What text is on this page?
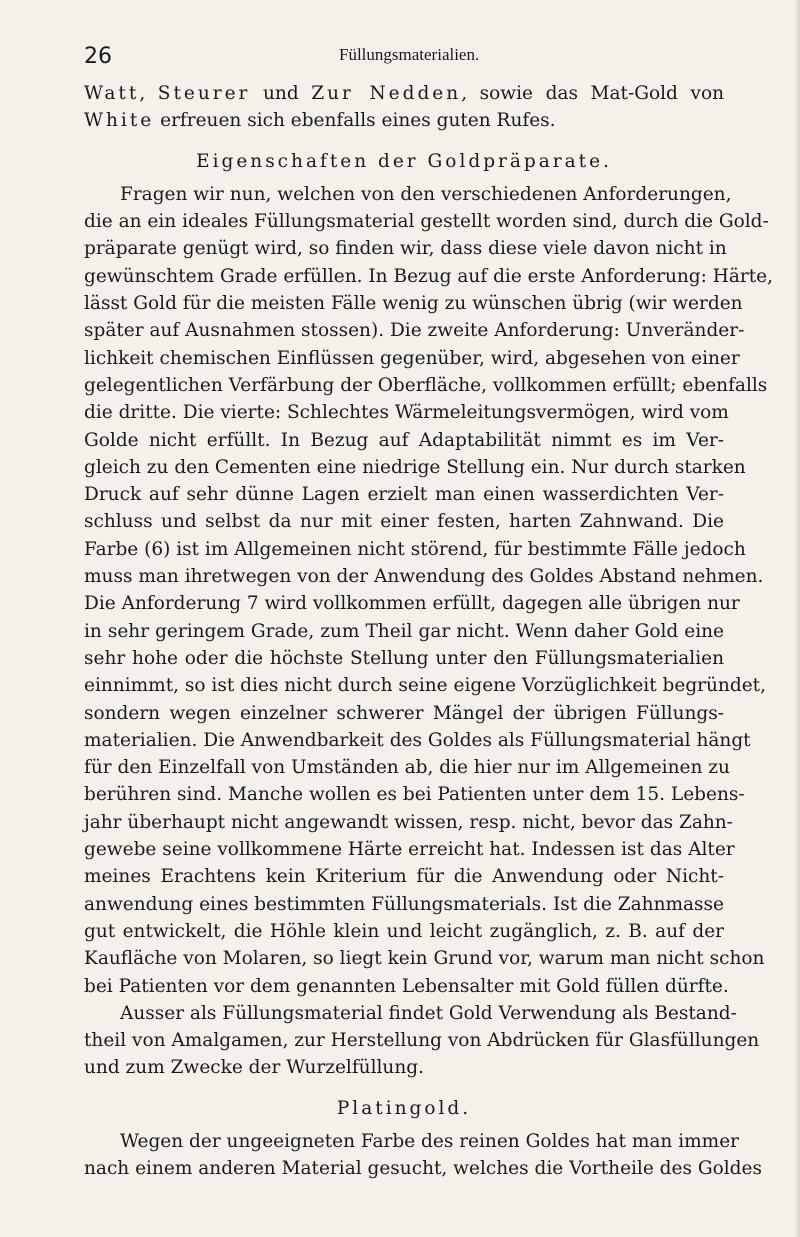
26	Füllungsmaterialien.
Watt, Steurer und Zur Nedden, sowie das Mat-Gold von
White erfreuen sich ebenfalls eines guten Rufes.
Eigenschaften der Goldpräparate.
Fragen wir nun, welchen von den verschiedenen Anforderungen,
die an ein ideales Füllungsmaterial gestellt worden sind, durch die Gold-
präparate genügt wird, so finden wir, dass diese viele davon nicht in
gewünschtem Grade erfüllen. In Bezug auf die erste Anforderung: Härte,
lässt Gold für die meisten Fälle wenig zu wünschen übrig (wir werden
später auf Ausnahmen stossen). Die zweite Anforderung: Unveränder-
lichkeit chemischen Einflüssen gegenüber, wird, abgesehen von einer
gelegentlichen Verfärbung der Oberfläche, vollkommen erfüllt; ebenfalls
die dritte. Die vierte: Schlechtes Wärmeleitungsvermögen, wird vom
Golde nicht erfüllt. In Bezug auf Adaptabilität nimmt es im Ver-
gleich zu den Cementen eine niedrige Stellung ein. Nur durch starken
Druck auf sehr dünne Lagen erzielt man einen wasserdichten Ver-
schluss und selbst da nur mit einer festen, harten Zahnwand. Die
Farbe (6) ist im Allgemeinen nicht störend, für bestimmte Fälle jedoch
muss man ihretwegen von der Anwendung des Goldes Abstand nehmen.
Die Anforderung 7 wird vollkommen erfüllt, dagegen alle übrigen nur
in sehr geringem Grade, zum Theil gar nicht. Wenn daher Gold eine
sehr hohe oder die höchste Stellung unter den Füllungsmaterialien
einnimmt, so ist dies nicht durch seine eigene Vorzüglichkeit begründet,
sondern wegen einzelner schwerer Mängel der übrigen Füllungs-
materialien. Die Anwendbarkeit des Goldes als Füllungsmaterial hängt
für den Einzelfall von Umständen ab, die hier nur im Allgemeinen zu
berühren sind. Manche wollen es bei Patienten unter dem 15. Lebens-
jahr überhaupt nicht angewandt wissen, resp. nicht, bevor das Zahn-
gewebe seine vollkommene Härte erreicht hat. Indessen ist das Alter
meines Erachtens kein Kriterium für die Anwendung oder Nicht-
anwendung eines bestimmten Füllungsmaterials. Ist die Zahnmasse
gut entwickelt, die Höhle klein und leicht zugänglich, z. B. auf der
Kaufläche von Molaren, so liegt kein Grund vor, warum man nicht schon
bei Patienten vor dem genannten Lebensalter mit Gold füllen dürfte.
Ausser als Füllungsmaterial findet Gold Verwendung als Bestand-
theil von Amalgamen, zur Herstellung von Abdrücken für Glasfüllungen
und zum Zwecke der Wurzelfüllung.
Platingold.
Wegen der ungeeigneten Farbe des reinen Goldes hat man immer
nach einem anderen Material gesucht, welches die Vortheile des Goldes
